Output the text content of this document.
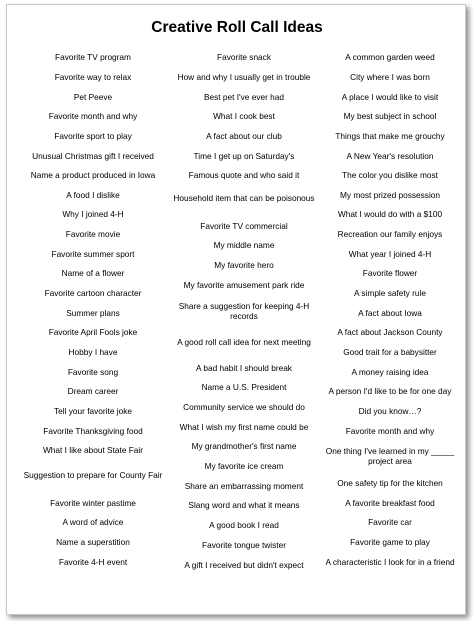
Creative Roll Call Ideas
Favorite TV program
Favorite way to relax
Pet Peeve
Favorite month and why
Favorite sport to play
Unusual Christmas gift I received
Name a product produced in Iowa
A food I dislike
Why I joined 4-H
Favorite movie
Favorite summer sport
Name of a flower
Favorite cartoon character
Summer plans
Favorite April Fools joke
Hobby I have
Favorite song
Dream career
Tell your favorite joke
Favorite Thanksgiving food
What I like about State Fair
Suggestion to prepare for County Fair
Favorite winter pastime
A word of advice
Name a superstition
Favorite 4-H event
Favorite snack
How and why I usually get in trouble
Best pet I've ever had
What I cook best
A fact about our club
Time I get up on Saturday's
Famous quote and who said it
Household item that can be poisonous
Favorite TV commercial
My middle name
My favorite hero
My favorite amusement park ride
Share a suggestion for keeping 4-H records
A good roll call idea for next meeting
A bad habit I should break
Name a U.S. President
Community service we should do
What I wish my first name could be
My grandmother's first name
My favorite ice cream
Share an embarrassing moment
Slang word and what it means
A good book I read
Favorite tongue twister
A gift I received but didn't expect
A common garden weed
City where I was born
A place I would like to visit
My best subject in school
Things that make me grouchy
A New Year's resolution
The color you dislike most
My most prized possession
What I would do with a $100
Recreation our family enjoys
What year I joined 4-H
Favorite flower
A simple safety rule
A fact about Iowa
A fact about Jackson County
Good trait for a babysitter
A money raising idea
A person I'd like to be for one day
Did you know…?
Favorite month and why
One thing I've learned in my _____ project area
One safety tip for the kitchen
A favorite breakfast food
Favorite car
Favorite game to play
A characteristic I look for in a friend
